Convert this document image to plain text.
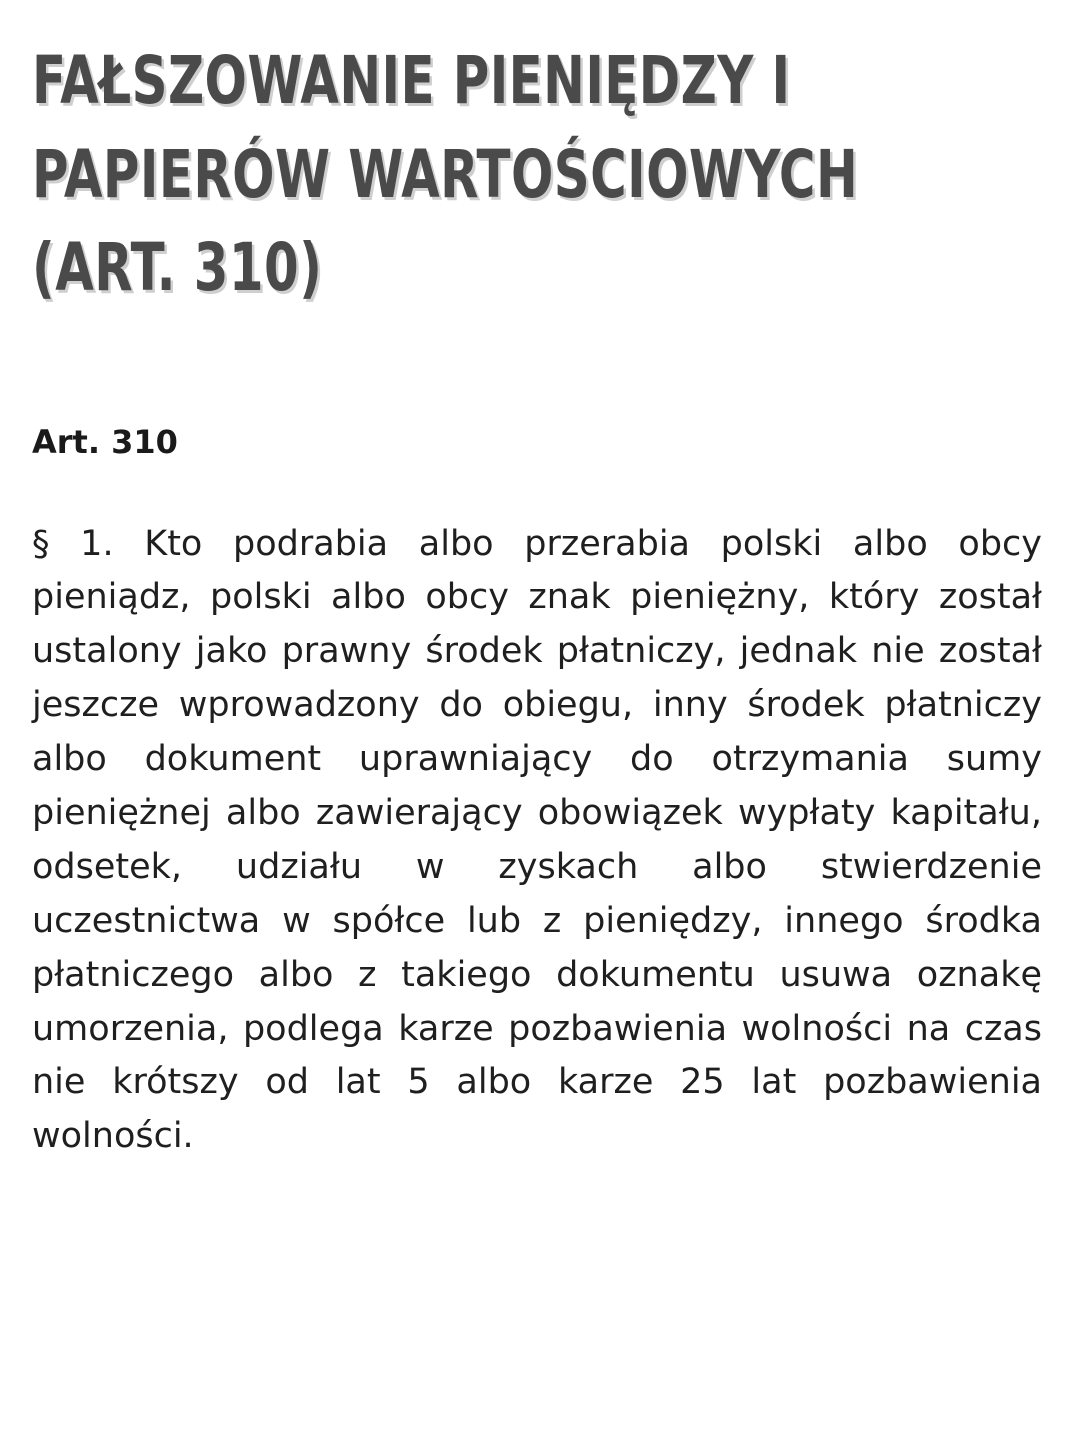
FAŁSZOWANIE PIENIĘDZY I PAPIERÓW WARTOŚCIOWYCH (ART. 310)
Art. 310

§ 1. Kto podrabia albo przerabia polski albo obcy pieniądz, polski albo obcy znak pieniężny, który został ustalony jako prawny środek płatniczy, jednak nie został jeszcze wprowadzony do obiegu, inny środek płatniczy albo dokument uprawniający do otrzymania sumy pieniężnej albo zawierający obowiązek wypłaty kapitału, odsetek, udziału w zyskach albo stwierdzenie uczestnictwa w spółce lub z pieniędzy, innego środka płatniczego albo z takiego dokumentu usuwa oznakę umorzenia, podlega karze pozbawienia wolności na czas nie krótszy od lat 5 albo karze 25 lat pozbawienia wolności.
